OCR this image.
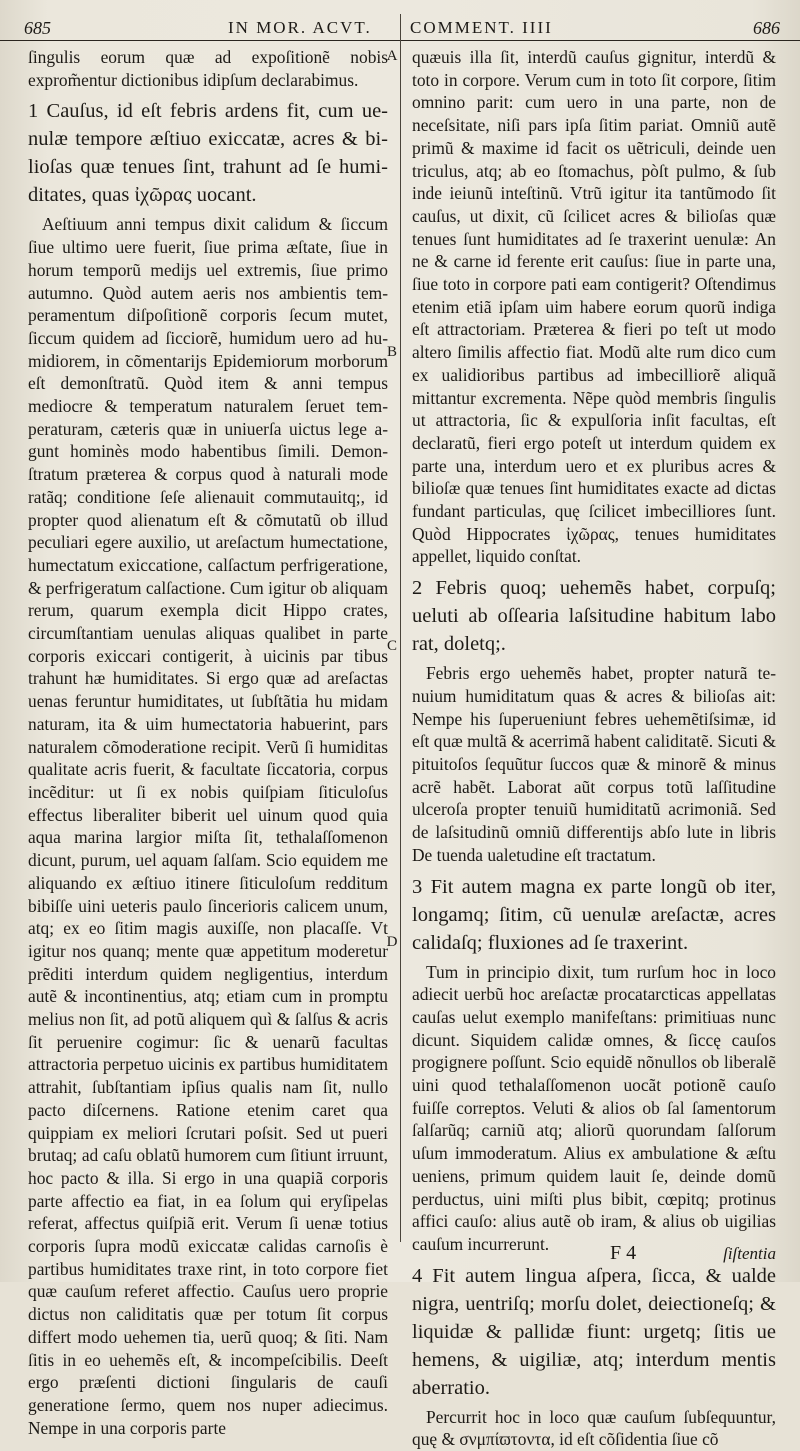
685	IN MOR. ACVT. COMMENT. IIII	686
A
B
C
D

ſingulis eorum quæ ad expoſitionẽ nobis exprom̃entur dictionibus idipſum declarabimus.

1 Cauſus, id eſt febris ardens fit, cum uenulæ tempore æſtiuo exiccatæ, acres & bilioſas quæ tenues ſint, trahunt ad ſe humiditates, quas ἰχῶρας uocant.

Aeſtiuum anni tempus dixit calidum & ſiccum ſiue ultimo uere fuerit, ſiue prima æſtate, ſiue in horum temporũ medijs uel extremis, ſiue primo autumno. Quòd autem aeris nos ambientis temperamentum diſpoſitionẽ corporis ſecum mutet, ſiccum quidem ad ſicciorẽ, humidum uero ad humidiorem, in cõmentarijs Epidemiorum morborum eſt demonſtratũ. Quòd item & anni tempus mediocre & temperatum naturalem ſeruet temperaturam, cæteris quæ in uniuerſa uictus lege agunt hominès modo habentibus ſimili. Demonſtratum præterea & corpus quod à naturali mode ratãq; conditione ſeſe alienauit commutauitq;, id propter quod alienatum eſt & cõmutatũ ob illud peculiari egere auxilio, ut areſactum humectatione, humectatum exiccatione, calſactum perfrigeratione, & perfrigeratum calſactione. Cum igitur ob aliquam rerum, quarum exempla dicit Hippo crates, circumſtantiam uenulas aliquas qualibet in parte corporis exiccari contigerit, à uicinis par tibus trahunt hæ humiditates. Si ergo quæ ad areſactas uenas feruntur humiditates, ut ſubſtãtia hu midam naturam, ita & uim humectatoria habuerint, pars naturalem cõmoderatione recipit. Verũ ſi humiditas qualitate acris fuerit, & facultate ſiccatoria, corpus incẽditur: ut ſi ex nobis quiſpiam ſiticuloſus effectus liberaliter biberit uel uinum quod quia aqua marina largior miſta ſit, tethalaſſomenon dicunt, purum, uel aquam ſalſam. Scio equidem me aliquando ex æſtiuo itinere ſiticuloſum redditum bibiſſe uini ueteris paulo ſincerioris calicem unum, atq; ex eo ſitim magis auxiſſe, non placaſſe. Vt igitur nos quanq; mente quæ appetitum moderetur prẽditi interdum quidem negligentius, interdum autẽ & incontinentius, atq; etiam cum in promptu melius non ſit, ad potũ aliquem quì & ſalſus & acris ſit peruenire cogimur: ſic & uenarũ facultas attractoria perpetuo uicinis ex partibus humiditatem attrahit, ſubſtantiam ipſius qualis nam ſit, nullo pacto diſcernens. Ratione etenim caret qua quippiam ex meliori ſcrutari poſsit. Sed ut pueri brutaq; ad caſu oblatũ humorem cum ſitiunt irruunt, hoc pacto & illa. Si ergo in una quapiã corporis parte affectio ea fiat, in ea ſolum qui eryſipelas referat, affectus quiſpiã erit. Verum ſi uenæ totius corporis ſupra modũ exiccatæ calidas carnoſis è partibus humiditates traxe rint, in toto corpore fiet quæ cauſum referet affectio. Cauſus uero proprie dictus non caliditatis quæ per totum ſit corpus differt modo uehemen tia, uerũ quoq; & ſiti. Nam ſitis in eo uehemẽs eſt, & incompeſcibilis. Deeſt ergo præſenti dictioni ſingularis de cauſi generatione ſermo, quem nos nuper adiecimus. Nempe in una corporis parte

quæuis illa ſit, interdũ cauſus gignitur, interdũ & toto in corpore. Verum cum in toto ſit corpore, ſitim omnino parit: cum uero in una parte, non de neceſsitate, niſi pars ipſa ſitim pariat. Omniũ autẽ primũ & maxime id facit os uẽtriculi, deinde uen triculus, atq; ab eo ſtomachus, pòſt pulmo, & ſub inde ieiunũ inteſtinũ. Vtrũ igitur ita tantũmodo ſit cauſus, ut dixit, cũ ſcilicet acres & bilioſas quæ tenues ſunt humiditates ad ſe traxerint uenulæ: An ne & carne id ferente erit cauſus: ſiue in parte una, ſiue toto in corpore pati eam contigerit? Oſtendimus etenim etiã ipſam uim habere eorum quorũ indiga eſt attractoriam. Præterea & fieri po teſt ut modo altero ſimilis affectio fiat. Modũ alte rum dico cum ex ualidioribus partibus ad imbecilliorẽ aliquã mittantur excrementa. Nẽpe quòd membris ſingulis ut attractoria, ſic & expulſoria inſit facultas, eſt declaratũ, fieri ergo poteſt ut interdum quidem ex parte una, interdum uero et ex pluribus acres & bilioſæ quæ tenues ſint humiditates exacte ad dictas fundant particulas, quę ſcilicet imbecilliores ſunt. Quòd Hippocrates ἰχῶρας, tenues humiditates appellet, liquido conſtat.

2 Febris quoq; uehemẽs habet, corpuſq; ueluti ab oſſearia laſsitudine habitum labo rat, doletq;.

Febris ergo uehemẽs habet, propter naturã tenuium humiditatum quas & acres & bilioſas ait: Nempe his ſuperueniunt febres uehemẽtiſsimæ, id eſt quæ multã & acerrimã habent caliditatẽ. Sicuti & pituitoſos ſequũtur ſuccos quæ & minorẽ & minus acrẽ habẽt. Laborat aũt corpus totũ laſſitudine ulceroſa propter tenuiũ humiditatũ acrimoniã. Sed de laſsitudinũ omniũ differentijs abſo lute in libris De tuenda ualetudine eſt tractatum.

3 Fit autem magna ex parte longũ ob iter, longamq; ſitim, cũ uenulæ areſactæ, acres calidaſq; fluxiones ad ſe traxerint.

Tum in principio dixit, tum rurſum hoc in loco adiecit uerbũ hoc areſactæ procatarcticas appellatas cauſas uelut exemplo manifeſtans: primitiuas nunc dicunt. Siquidem calidæ omnes, & ſiccę cauſos progignere poſſunt. Scio equidẽ nõnullos ob liberalẽ uini quod tethalaſſomenon uocãt potionẽ cauſo fuiſſe correptos. Veluti & alios ob ſal ſamentorum ſalſarũq; carniũ atq; aliorũ quorundam ſalſorum uſum immoderatum. Alius ex ambulatione & æſtu ueniens, primum quidem lauit ſe, deinde domũ perductus, uini miſti plus bibit, cœpitq; protinus affici cauſo: alius autẽ ob iram, & alius ob uigilias cauſum incurrerunt.

4 Fit autem lingua aſpera, ſicca, & ualde nigra, uentriſq; morſu dolet, deiectioneſq; & liquidæ & pallidæ fiunt: urgetq; ſitis ue hemens, & uigiliæ, atq; interdum mentis aberratio.

Percurrit hoc in loco quæ cauſum ſubſequuntur, quę & σνμπίϖτοντα, id eſt cõſidentia ſiue cõ

F 4	ſiſtentia
